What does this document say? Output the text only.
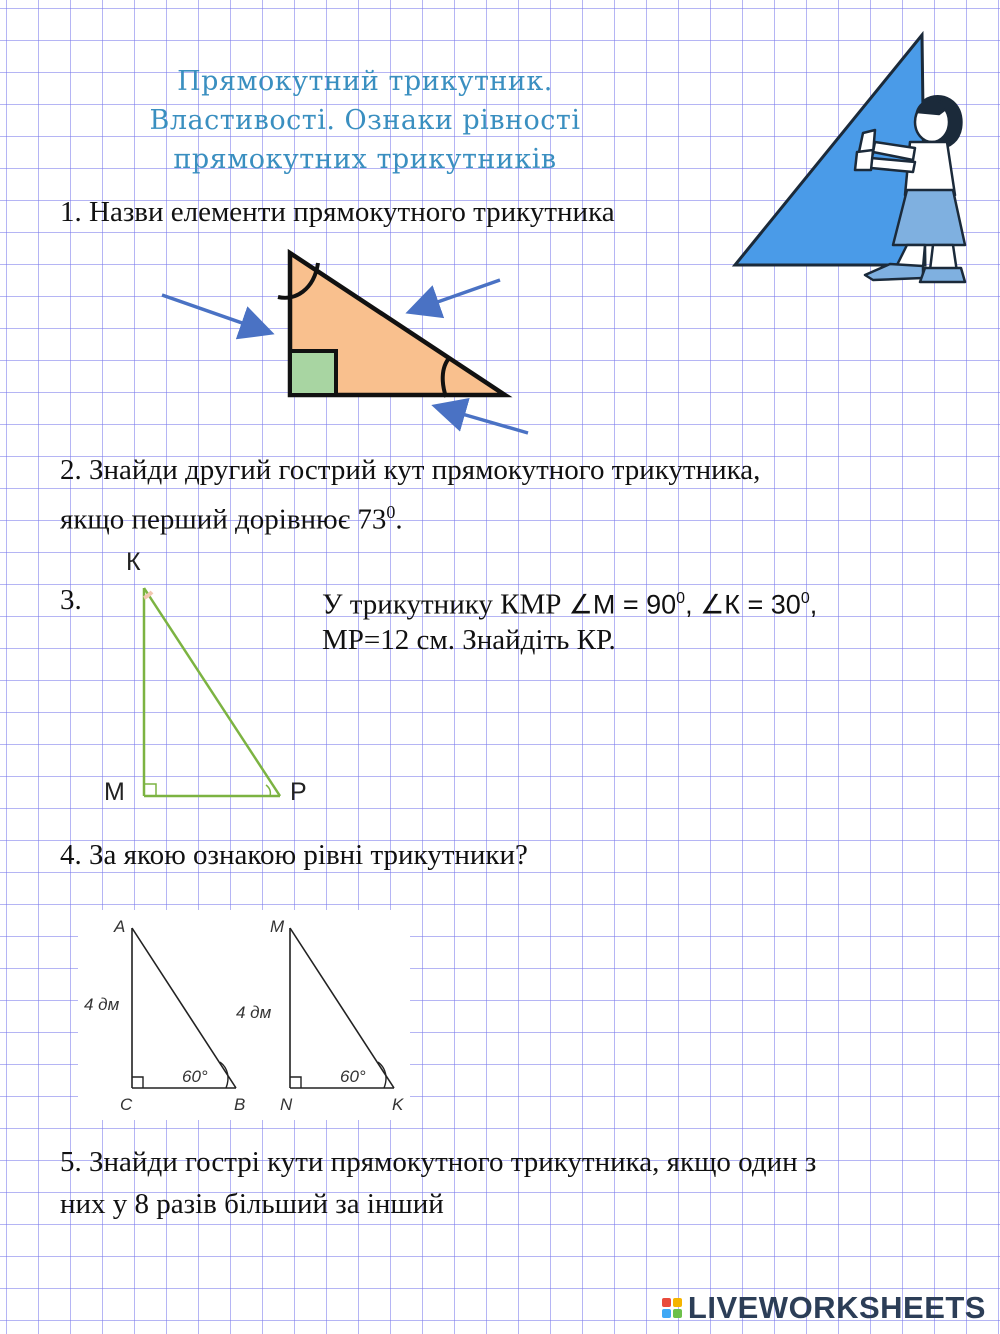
Прямокутний трикутник.
Властивості. Ознаки рівності
прямокутних трикутників
1. Назви елементи прямокутного трикутника
2. Знайди другий гострий кут прямокутного трикутника,
якщо перший дорівнює $73^0$.
3.
К
М	Р
У трикутнику КМР ∠М = $90^0$, ∠К = $30^0$,
МР=12 см. Знайдіть КР.
4. За якою ознакою рівні трикутники?
A
C	B
4 дм
60°
M
N	K
4 дм
60°
5. Знайди гострі кути прямокутного трикутника, якщо один з
них у 8 разів більший за інший
LIVEWORKSHEETS
